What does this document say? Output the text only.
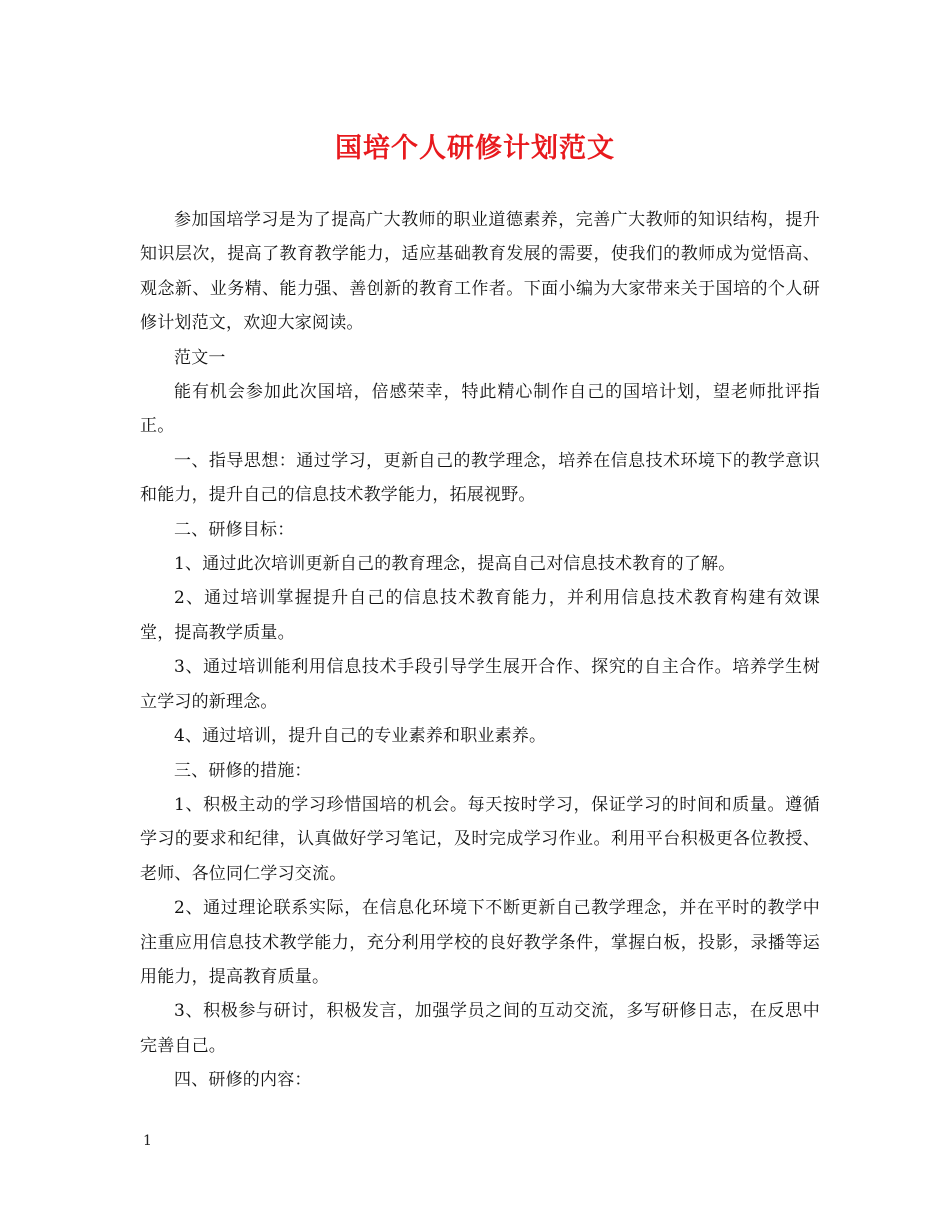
国培个人研修计划范文

参加国培学习是为了提高广大教师的职业道德素养，完善广大教师的知识结构，提升知识层次，提高了教育教学能力，适应基础教育发展的需要，使我们的教师成为觉悟高、观念新、业务精、能力强、善创新的教育工作者。下面小编为大家带来关于国培的个人研修计划范文，欢迎大家阅读。

范文一

能有机会参加此次国培，倍感荣幸，特此精心制作自己的国培计划，望老师批评指正。

一、指导思想：通过学习，更新自己的教学理念，培养在信息技术环境下的教学意识和能力，提升自己的信息技术教学能力，拓展视野。

二、研修目标：

1、通过此次培训更新自己的教育理念，提高自己对信息技术教育的了解。

2、通过培训掌握提升自己的信息技术教育能力，并利用信息技术教育构建有效课堂，提高教学质量。

3、通过培训能利用信息技术手段引导学生展开合作、探究的自主合作。培养学生树立学习的新理念。

4、通过培训，提升自己的专业素养和职业素养。

三、研修的措施：

1、积极主动的学习珍惜国培的机会。每天按时学习，保证学习的时间和质量。遵循学习的要求和纪律，认真做好学习笔记，及时完成学习作业。利用平台积极更各位教授、老师、各位同仁学习交流。

2、通过理论联系实际，在信息化环境下不断更新自己教学理念，并在平时的教学中注重应用信息技术教学能力，充分利用学校的良好教学条件，掌握白板，投影，录播等运用能力，提高教育质量。

3、积极参与研讨，积极发言，加强学员之间的互动交流，多写研修日志，在反思中完善自己。

四、研修的内容：

1
